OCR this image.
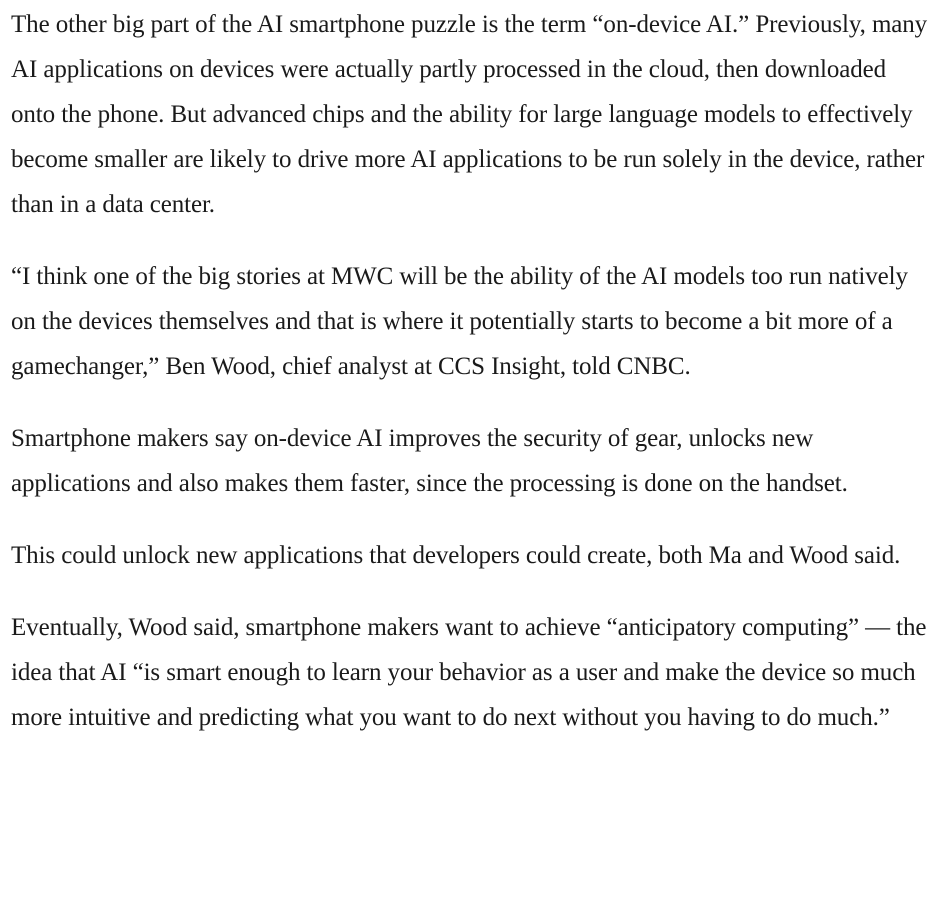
The other big part of the AI smartphone puzzle is the term “on-device AI.” Previously, many AI applications on devices were actually partly processed in the cloud, then downloaded onto the phone. But advanced chips and the ability for large language models to effectively become smaller are likely to drive more AI applications to be run solely in the device, rather than in a data center.

“I think one of the big stories at MWC will be the ability of the AI models too run natively on the devices themselves and that is where it potentially starts to become a bit more of a gamechanger,” Ben Wood, chief analyst at CCS Insight, told CNBC.

Smartphone makers say on-device AI improves the security of gear, unlocks new applications and also makes them faster, since the processing is done on the handset.

This could unlock new applications that developers could create, both Ma and Wood said.

Eventually, Wood said, smartphone makers want to achieve “anticipatory computing” — the idea that AI “is smart enough to learn your behavior as a user and make the device so much more intuitive and predicting what you want to do next without you having to do much.”
